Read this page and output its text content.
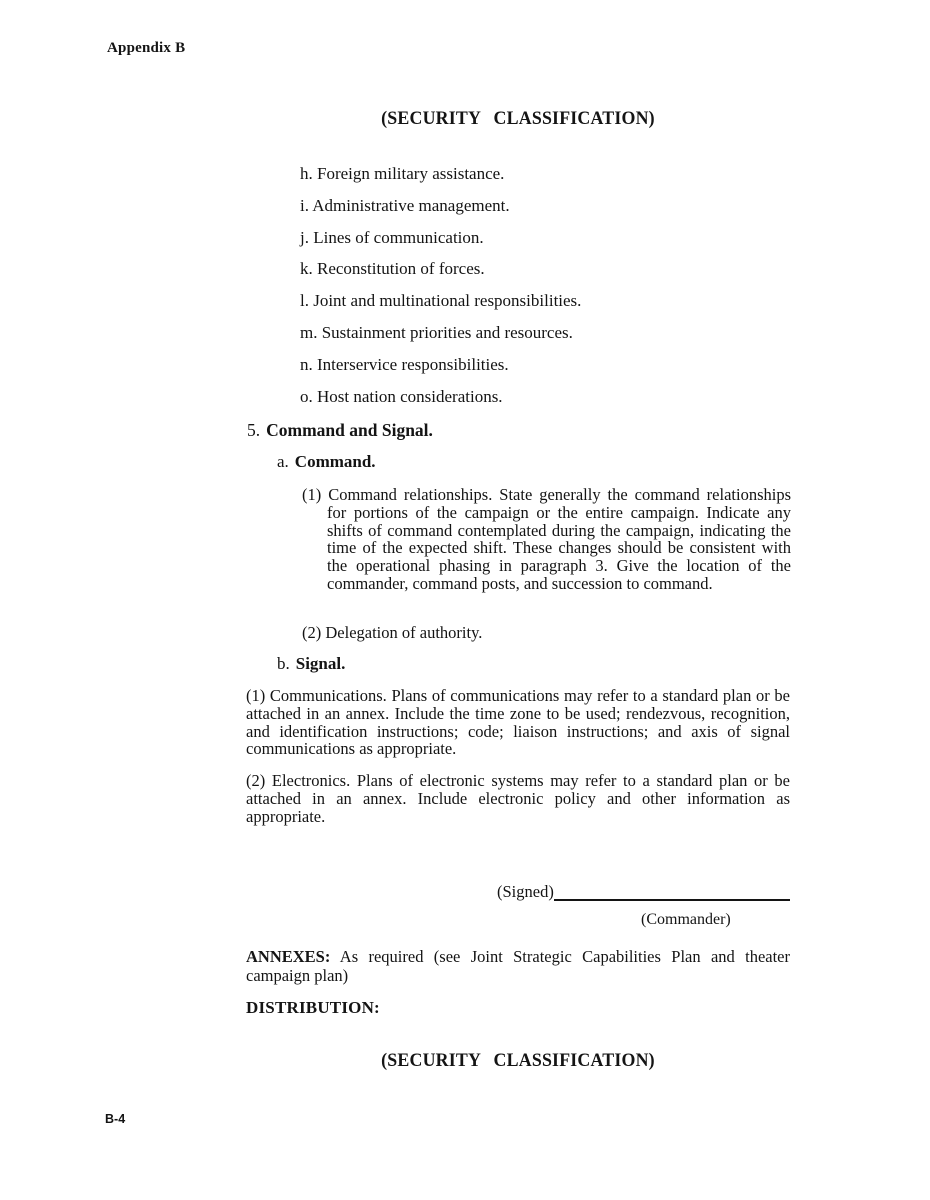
Appendix B
(SECURITY CLASSIFICATION)
h. Foreign military assistance.
i. Administrative management.
j. Lines of communication.
k. Reconstitution of forces.
l. Joint and multinational responsibilities.
m. Sustainment priorities and resources.
n. Interservice responsibilities.
o. Host nation considerations.
5. Command and Signal.
a. Command.

(1) Command relationships. State generally the command relationships for portions of the campaign or the entire campaign. Indicate any shifts of command contemplated during the campaign, indicating the time of the expected shift. These changes should be consistent with the operational phasing in paragraph 3. Give the location of the commander, command posts, and succession to command.

(2) Delegation of authority.
b. Signal.

(1) Communications. Plans of communications may refer to a standard plan or be attached in an annex. Include the time zone to be used; rendezvous, recognition, and identification instructions; code; liaison instructions; and axis of signal communications as appropriate.

(2) Electronics. Plans of electronic systems may refer to a standard plan or be attached in an annex. Include electronic policy and other information as appropriate.

(Signed)
(Commander)

ANNEXES: As required (see Joint Strategic Capabilities Plan and theater campaign plan)

DISTRIBUTION:
(SECURITY CLASSIFICATION)
B-4
